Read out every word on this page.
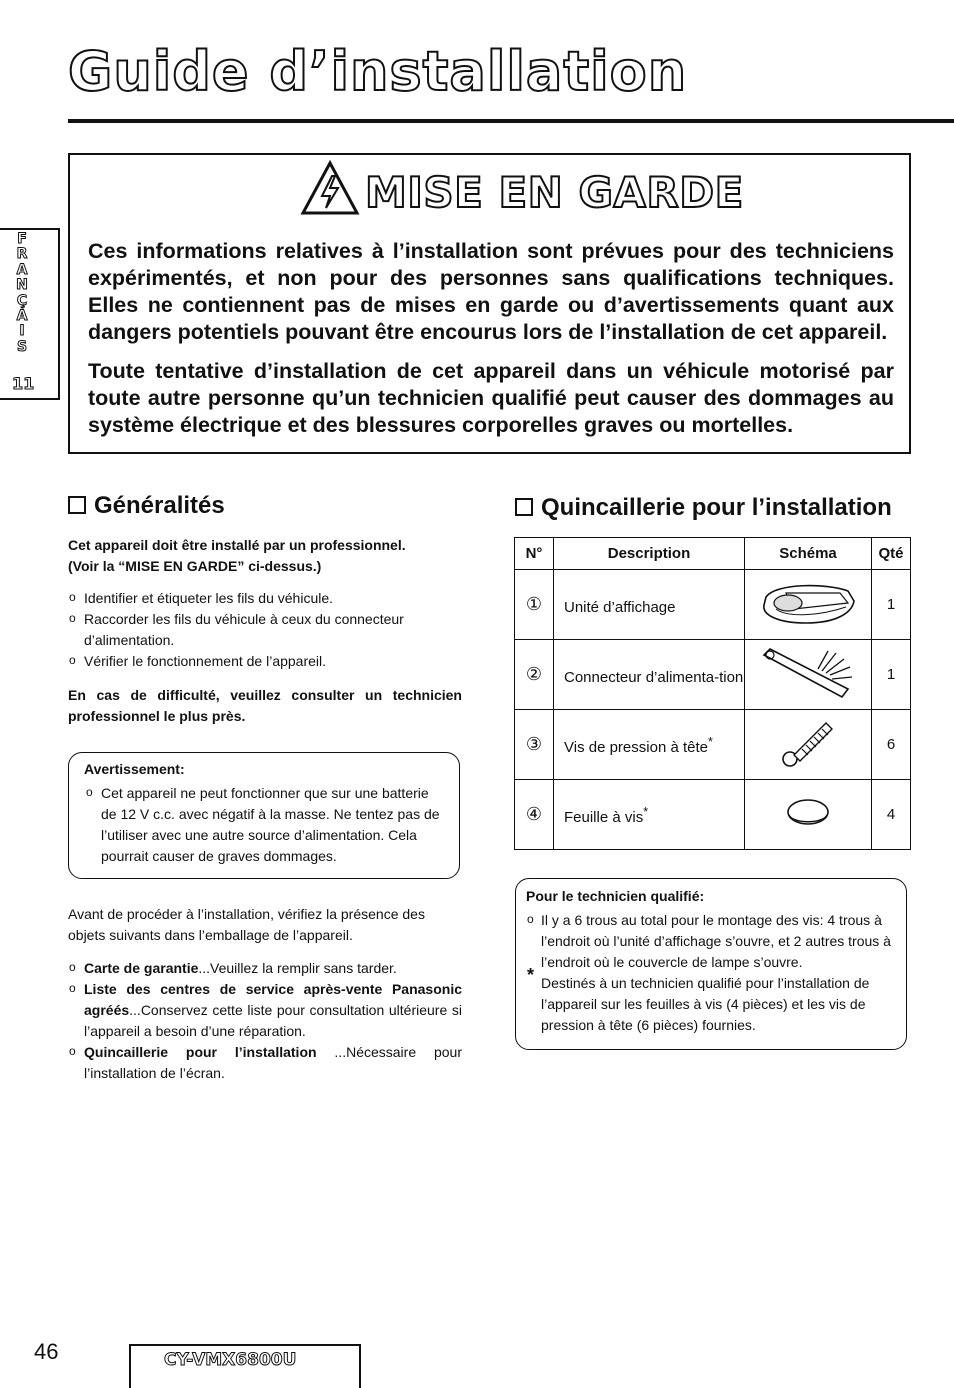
Guide d’installation
F
R
A
N
Ç
A
I
S
11
MISE EN GARDE
Ces informations relatives à l’installation sont prévues pour des techniciens expérimentés, et non pour des personnes sans qualifications techniques. Elles ne contiennent pas de mises en garde ou d’avertissements quant aux dangers potentiels pouvant être encourus lors de l’installation de cet appareil.
Toute tentative d’installation de cet appareil dans un véhicule motorisé par toute autre personne qu’un technicien qualifié peut causer des dommages au système électrique et des blessures corporelles graves ou mortelles.
Généralités
Cet appareil doit être installé par un professionnel.
(Voir la “MISE EN GARDE” ci-dessus.)
o Identifier et étiqueter les fils du véhicule.
o Raccorder les fils du véhicule à ceux du connecteur d’alimentation.
o Vérifier le fonctionnement de l’appareil.
En cas de difficulté, veuillez consulter un technicien professionnel le plus près.
Avertissement:
o Cet appareil ne peut fonctionner que sur une batterie de 12 V c.c. avec négatif à la masse. Ne tentez pas de l’utiliser avec une autre source d’alimentation. Cela pourrait causer de graves dommages.
Avant de procéder à l’installation, vérifiez la présence des objets suivants dans l’emballage de l’appareil.
o Carte de garantie...Veuillez la remplir sans tarder.
o Liste des centres de service après-vente Panasonic agréés...Conservez cette liste pour consultation ultérieure si l’appareil a besoin d’une réparation.
o Quincaillerie pour l’installation ...Nécessaire pour l’installation de l’écran.
Quincaillerie pour l’installation
N°	Description	Schéma	Qté
①	Unité d’affichage		1
②	Connecteur d’alimenta-tion		1
③	Vis de pression à tête*		6
④	Feuille à vis*		4
Pour le technicien qualifié:
o Il y a 6 trous au total pour le montage des vis: 4 trous à l’endroit où l’unité d’affichage s’ouvre, et 2 autres trous à l’endroit où le couvercle de lampe s’ouvre.
* Destinés à un technicien qualifié pour l’installation de l’appareil sur les feuilles à vis (4 pièces) et les vis de pression à tête (6 pièces) fournies.
46	CY-VMX6800U
